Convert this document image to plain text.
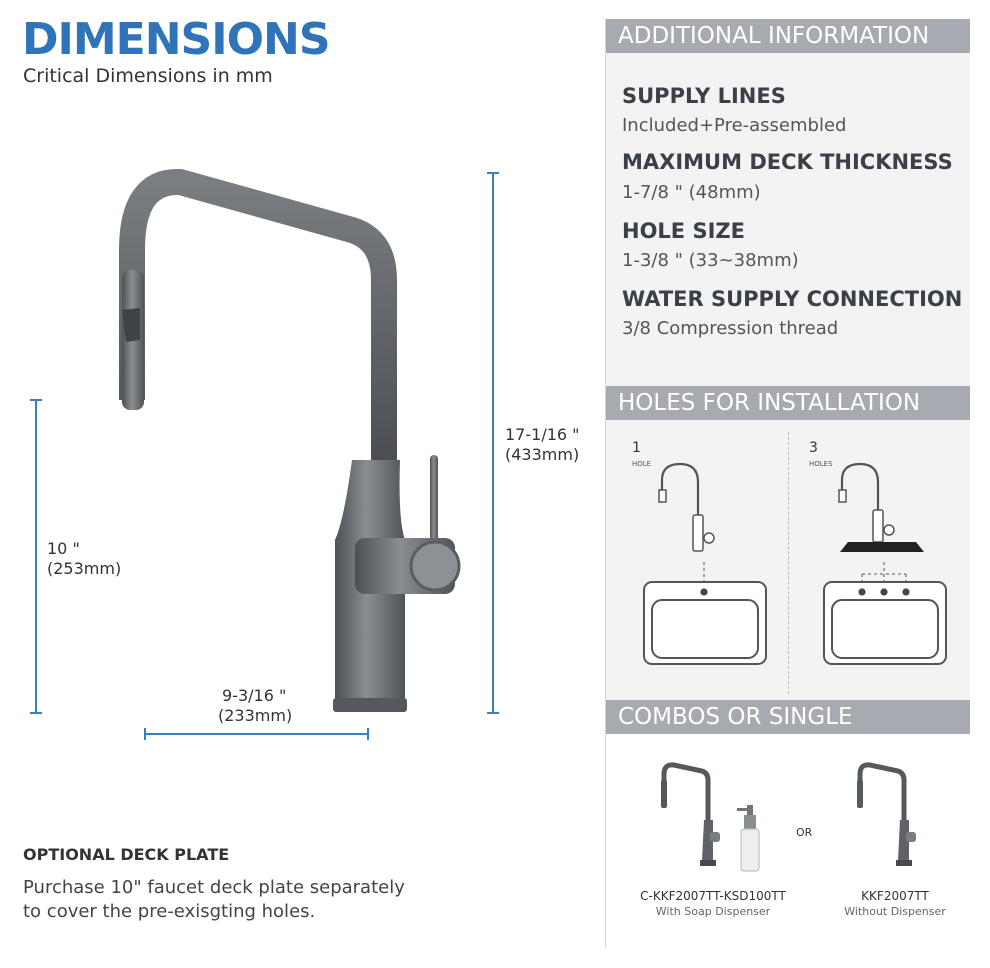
DIMENSIONS
Critical Dimensions in mm
17-1/16 "
(433mm)
10 "
(253mm)
9-3/16 "
(233mm)
OPTIONAL DECK PLATE
Purchase 10" faucet deck plate separately
to cover the pre-exisgting holes.
ADDITIONAL INFORMATION
SUPPLY LINES
Included+Pre-assembled
MAXIMUM DECK THICKNESS
1-7/8 " (48mm)
HOLE SIZE
1-3/8 " (33~38mm)
WATER SUPPLY CONNECTION
3/8 Compression thread
HOLES FOR INSTALLATION
1
HOLE
3
HOLES
COMBOS OR SINGLE
OR
C-KKF2007TT-KSD100TT
With Soap Dispenser
KKF2007TT
Without Dispenser
